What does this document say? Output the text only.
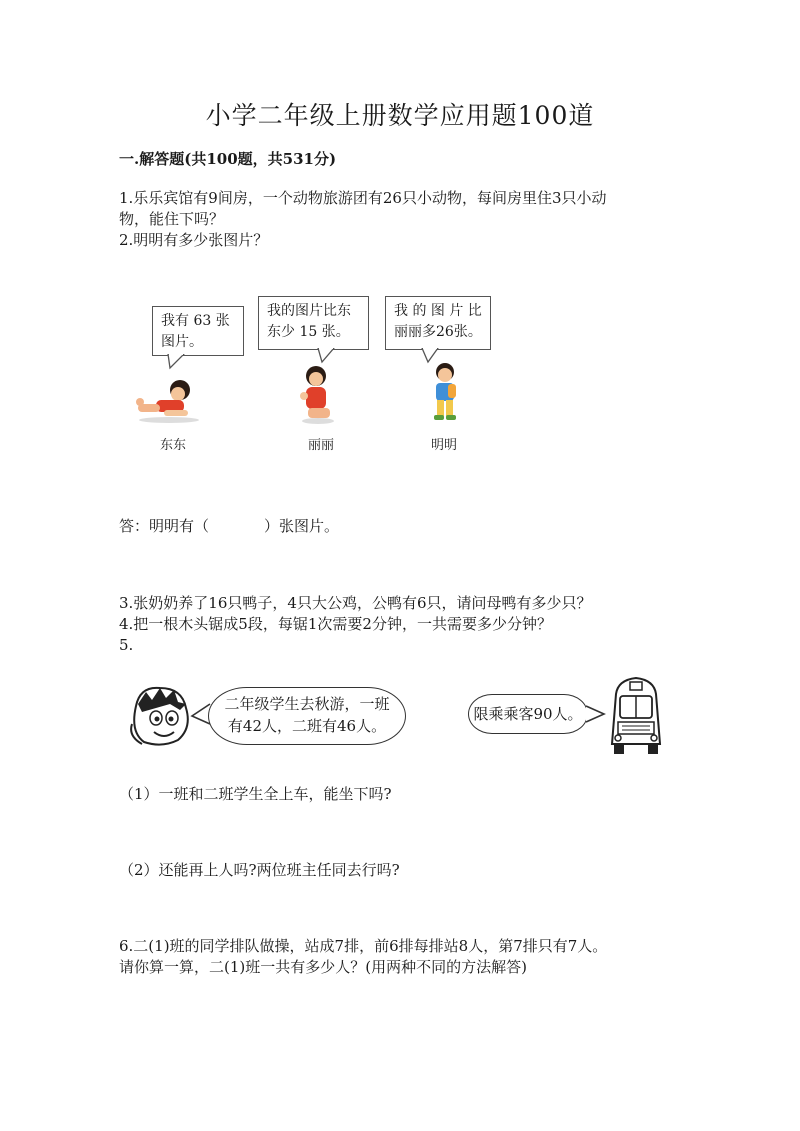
小学二年级上册数学应用题100道
一.解答题(共100题，共531分)
1.乐乐宾馆有9间房，一个动物旅游团有26只小动物，每间房里住3只小动
物，能住下吗？
2.明明有多少张图片？
我有 63 张
图片。
我的图片比东
东少 15 张。
我 的 图 片 比
丽丽多26张。
东东	丽丽	明明
答：明明有（	）张图片。
3.张奶奶养了16只鸭子，4只大公鸡，公鸭有6只，请问母鸭有多少只？
4.把一根木头锯成5段，每锯1次需要2分钟，一共需要多少分钟？
5.
二年级学生去秋游，一班
有42人，二班有46人。
限乘乘客90人。
（1）一班和二班学生全上车，能坐下吗?
（2）还能再上人吗?两位班主任同去行吗?
6.二(1)班的同学排队做操，站成7排，前6排每排站8人，第7排只有7人。
请你算一算，二(1)班一共有多少人？(用两种不同的方法解答)
